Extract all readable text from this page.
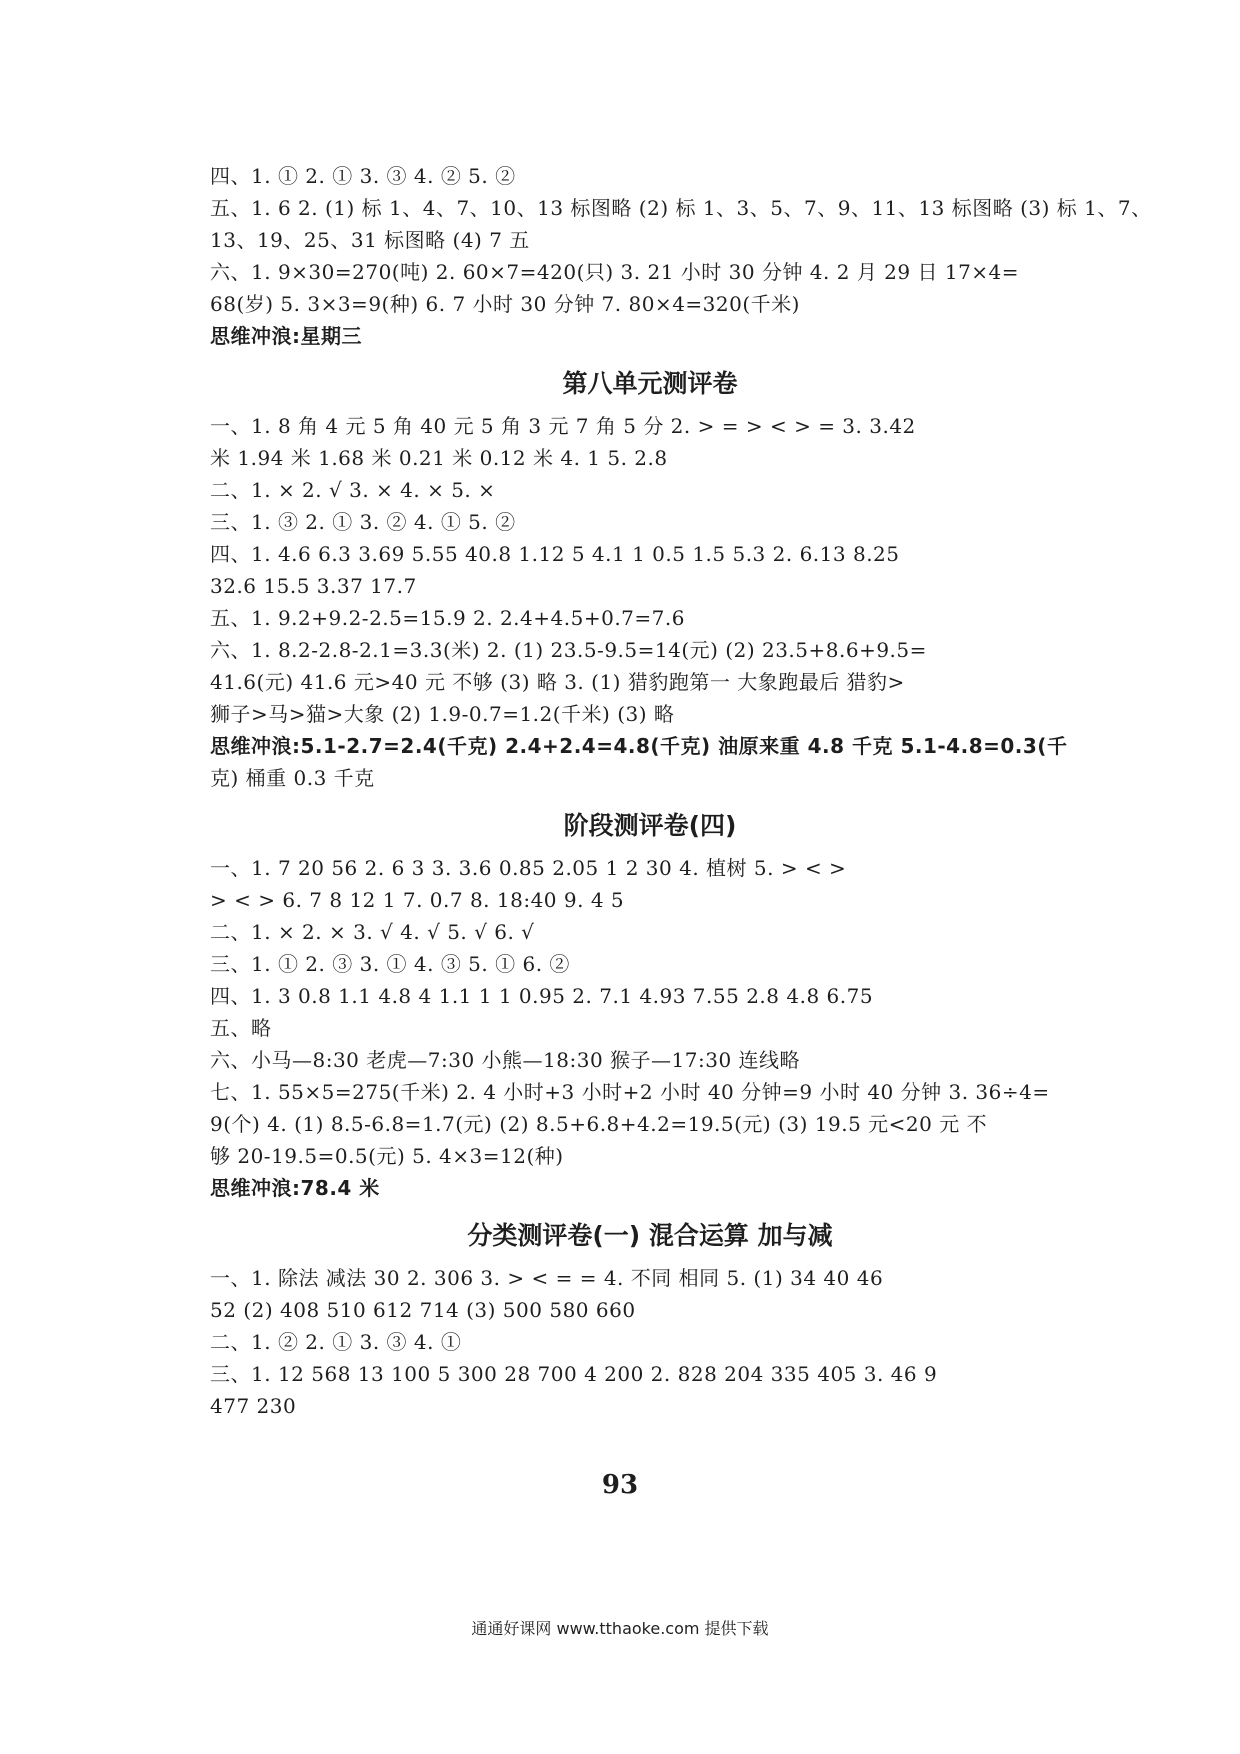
四、1. ① 2. ① 3. ③ 4. ② 5. ②
五、1. 6 2. (1) 标 1、4、7、10、13 标图略 (2) 标 1、3、5、7、9、11、13 标图略 (3) 标 1、7、
13、19、25、31 标图略 (4) 7 五
六、1. 9×30=270(吨) 2. 60×7=420(只) 3. 21 小时 30 分钟 4. 2 月 29 日 17×4=
68(岁) 5. 3×3=9(种) 6. 7 小时 30 分钟 7. 80×4=320(千米)
思维冲浪:星期三
第八单元测评卷
一、1. 8 角 4 元 5 角 40 元 5 角 3 元 7 角 5 分 2. > = > < > = 3. 3.42
米 1.94 米 1.68 米 0.21 米 0.12 米 4. 1 5. 2.8
二、1. × 2. √ 3. × 4. × 5. ×
三、1. ③ 2. ① 3. ② 4. ① 5. ②
四、1. 4.6 6.3 3.69 5.55 40.8 1.12 5 4.1 1 0.5 1.5 5.3 2. 6.13 8.25
32.6 15.5 3.37 17.7
五、1. 9.2+9.2-2.5=15.9 2. 2.4+4.5+0.7=7.6
六、1. 8.2-2.8-2.1=3.3(米) 2. (1) 23.5-9.5=14(元) (2) 23.5+8.6+9.5=
41.6(元) 41.6 元>40 元 不够 (3) 略 3. (1) 猎豹跑第一 大象跑最后 猎豹>
狮子>马>猫>大象 (2) 1.9-0.7=1.2(千米) (3) 略
思维冲浪:5.1-2.7=2.4(千克) 2.4+2.4=4.8(千克) 油原来重 4.8 千克 5.1-4.8=0.3(千
克) 桶重 0.3 千克
阶段测评卷(四)
一、1. 7 20 56 2. 6 3 3. 3.6 0.85 2.05 1 2 30 4. 植树 5. > < >
> < > 6. 7 8 12 1 7. 0.7 8. 18:40 9. 4 5
二、1. × 2. × 3. √ 4. √ 5. √ 6. √
三、1. ① 2. ③ 3. ① 4. ③ 5. ① 6. ②
四、1. 3 0.8 1.1 4.8 4 1.1 1 1 0.95 2. 7.1 4.93 7.55 2.8 4.8 6.75
五、略
六、小马—8:30 老虎—7:30 小熊—18:30 猴子—17:30 连线略
七、1. 55×5=275(千米) 2. 4 小时+3 小时+2 小时 40 分钟=9 小时 40 分钟 3. 36÷4=
9(个) 4. (1) 8.5-6.8=1.7(元) (2) 8.5+6.8+4.2=19.5(元) (3) 19.5 元<20 元 不
够 20-19.5=0.5(元) 5. 4×3=12(种)
思维冲浪:78.4 米
分类测评卷(一) 混合运算 加与减
一、1. 除法 减法 30 2. 306 3. > < = = 4. 不同 相同 5. (1) 34 40 46
52 (2) 408 510 612 714 (3) 500 580 660
二、1. ② 2. ① 3. ③ 4. ①
三、1. 12 568 13 100 5 300 28 700 4 200 2. 828 204 335 405 3. 46 9
477 230
93
通通好课网 www.tthaoke.com 提供下载
